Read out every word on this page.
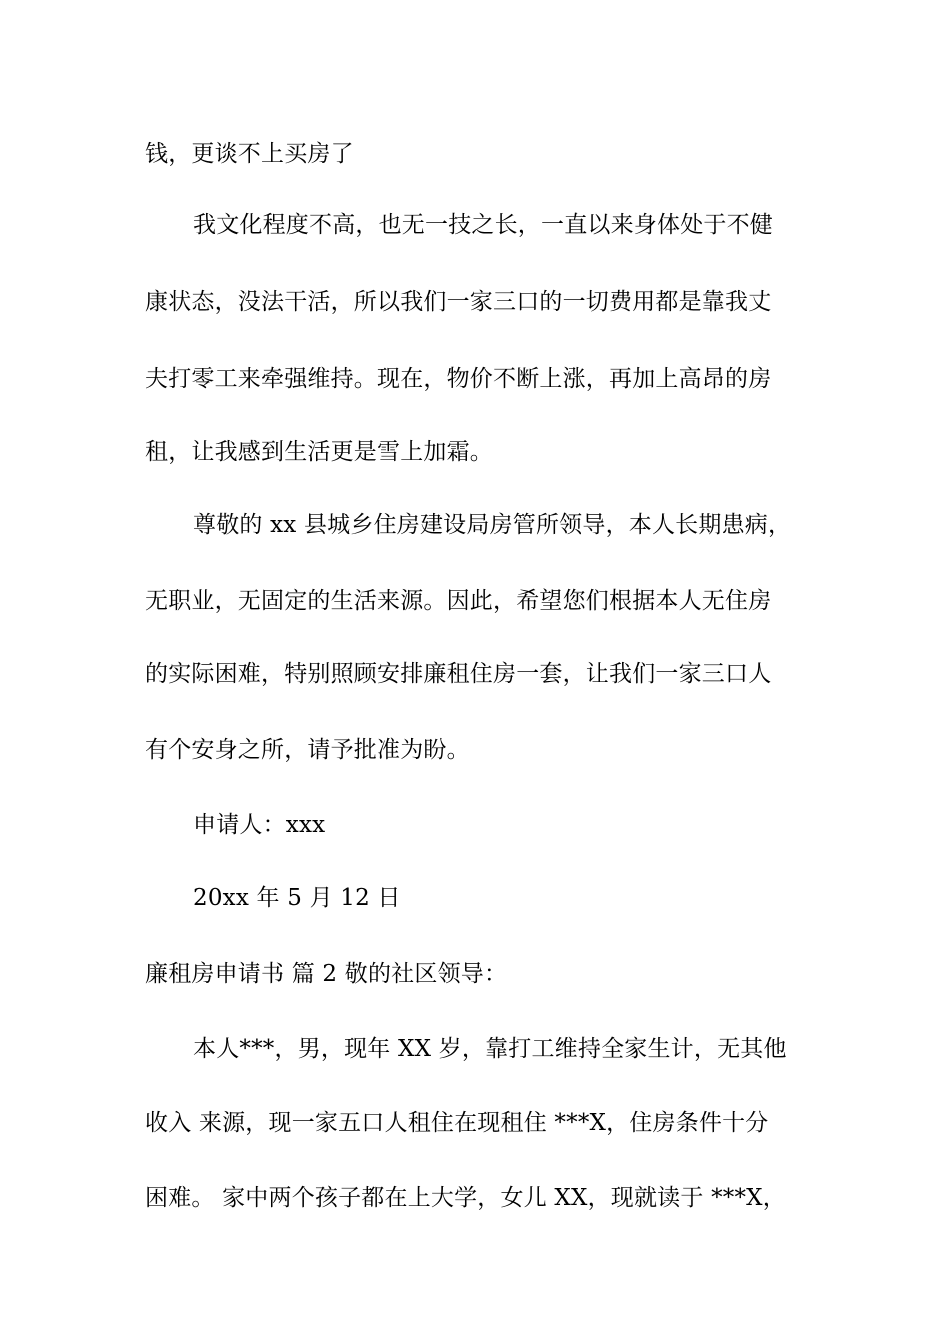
钱，更谈不上买房了
我文化程度不高，也无一技之长，一直以来身体处于不健
康状态，没法干活，所以我们一家三口的一切费用都是靠我丈
夫打零工来牵强维持。现在，物价不断上涨，再加上高昂的房
租，让我感到生活更是雪上加霜。
尊敬的 xx 县城乡住房建设局房管所领导，本人长期患病，
无职业，无固定的生活来源。因此，希望您们根据本人无住房
的实际困难，特别照顾安排廉租住房一套，让我们一家三口人
有个安身之所，请予批准为盼。
申请人：xxx
20xx 年 5 月 12 日
廉租房申请书 篇 2 敬的社区领导：
本人***，男，现年 XX 岁，靠打工维持全家生计，无其他
收入 来源，现一家五口人租住在现租住 ***X，住房条件十分
困难。 家中两个孩子都在上大学，女儿 XX，现就读于 ***X，
